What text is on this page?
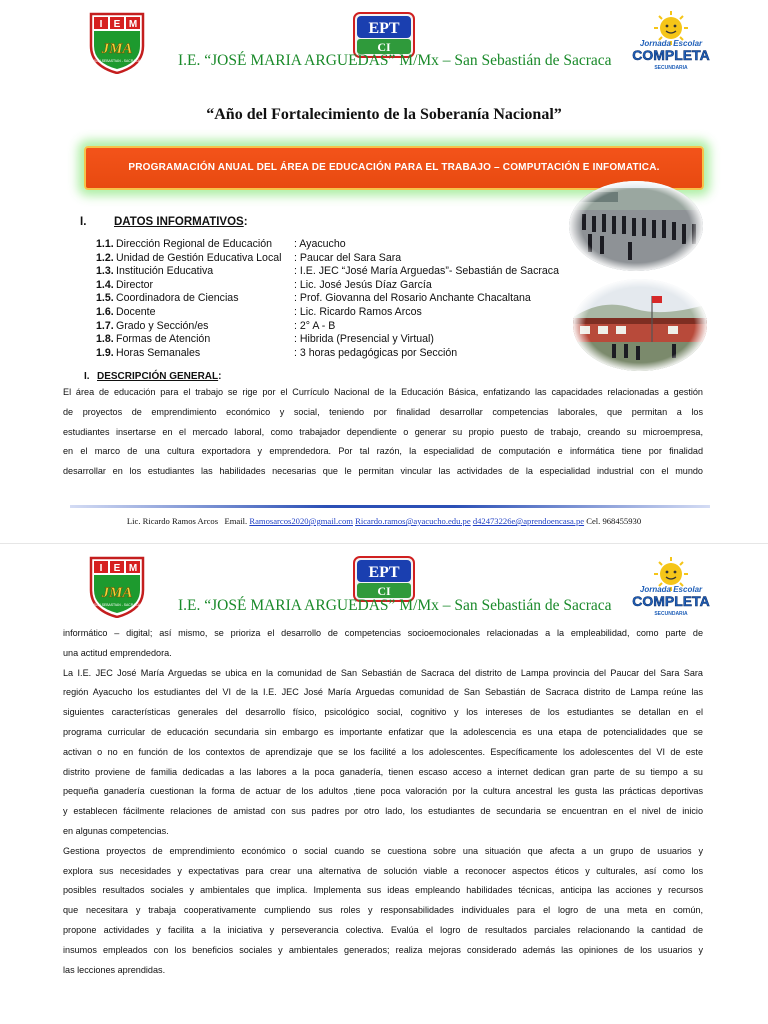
I E M
JMA
SAN SEBASTIAN - SACRACA
EPT
CI
I.E. “JOSÉ MARIA ARGUEDAS” M/Mx – San Sebastián de Sacraca
Jornada Escolar
COMPLETA
SECUNDARIA
“Año del Fortalecimiento de la Soberanía Nacional”
PROGRAMACIÓN ANUAL DEL ÁREA DE EDUCACIÓN PARA EL TRABAJO – COMPUTACIÓN E INFOMATICA.
I. DATOS INFORMATIVOS:
1.1. Dirección Regional de Educación : Ayacucho
1.2. Unidad de Gestión Educativa Local : Paucar del Sara Sara
1.3. Institución Educativa	: I.E. JEC “José María Arguedas”- Sebastián de Sacraca
1.4. Director	: Lic. José Jesús Díaz García
1.5. Coordinadora de Ciencias	: Prof. Giovanna del Rosario Anchante Chacaltana
1.6. Docente	: Lic. Ricardo Ramos Arcos
1.7. Grado y Sección/es	: 2° A - B
1.8. Formas de Atención	: Hibrida (Presencial y Virtual)
1.9. Horas Semanales	: 3 horas pedagógicas por Sección
I. DESCRIPCIÓN GENERAL:
El área de educación para el trabajo se rige por el Currículo Nacional de la Educación Básica, enfatizando las capacidades relacionadas a gestión
de proyectos de emprendimiento económico y social, teniendo por finalidad desarrollar competencias laborales, que permitan a los
estudiantes insertarse en el mercado laboral, como trabajador dependiente o generar su propio puesto de trabajo, creando su microempresa,
en el marco de una cultura exportadora y emprendedora. Por tal razón, la especialidad de computación e informática tiene por finalidad
desarrollar en los estudiantes las habilidades necesarias que le permitan vincular las actividades de la especialidad industrial con el mundo
Lic. Ricardo Ramos Arcos Email. Ramosarcos2020@gmail.com Ricardo.ramos@ayacucho.edu.pe d42473226e@aprendoencasa.pe Cel. 968455930
I E M
JMA
SAN SEBASTIAN - SACRACA
EPT
CI
I.E. “JOSÉ MARIA ARGUEDAS” M/Mx – San Sebastián de Sacraca
Jornada Escolar
COMPLETA
SECUNDARIA
informático – digital; así mismo, se prioriza el desarrollo de competencias socioemocionales relacionadas a la empleabilidad, como parte de
una actitud emprendedora.
La I.E. JEC José María Arguedas se ubica en la comunidad de San Sebastián de Sacraca del distrito de Lampa provincia del Paucar del Sara Sara
región Ayacucho los estudiantes del VI de la I.E. JEC José María Arguedas comunidad de San Sebastián de Sacraca distrito de Lampa reúne las
siguientes características generales del desarrollo físico, psicológico social, cognitivo y los intereses de los estudiantes se detallan en el
programa curricular de educación secundaria sin embargo es importante enfatizar que la adolescencia es una etapa de potencialidades que se
activan o no en función de los contextos de aprendizaje que se los facilité a los adolescentes. Específicamente los adolescentes del VI de este
distrito proviene de familia dedicadas a las labores a la poca ganadería, tienen escaso acceso a internet dedican gran parte de su tiempo a su
pequeña ganadería cuestionan la forma de actuar de los adultos ,tiene poca valoración por la cultura ancestral les gusta las prácticas deportivas
y establecen fácilmente relaciones de amistad con sus padres por otro lado, los estudiantes de secundaria se encuentran en el nivel de inicio
en algunas competencias.
Gestiona proyectos de emprendimiento económico o social cuando se cuestiona sobre una situación que afecta a un grupo de usuarios y
explora sus necesidades y expectativas para crear una alternativa de solución viable a reconocer aspectos éticos y culturales, así como los
posibles resultados sociales y ambientales que implica. Implementa sus ideas empleando habilidades técnicas, anticipa las acciones y recursos
que necesitara y trabaja cooperativamente cumpliendo sus roles y responsabilidades individuales para el logro de una meta en común,
propone actividades y facilita a la iniciativa y perseverancia colectiva. Evalúa el logro de resultados parciales relacionando la cantidad de
insumos empleados con los beneficios sociales y ambientales generados; realiza mejoras considerado además las opiniones de los usuarios y
las lecciones aprendidas.
